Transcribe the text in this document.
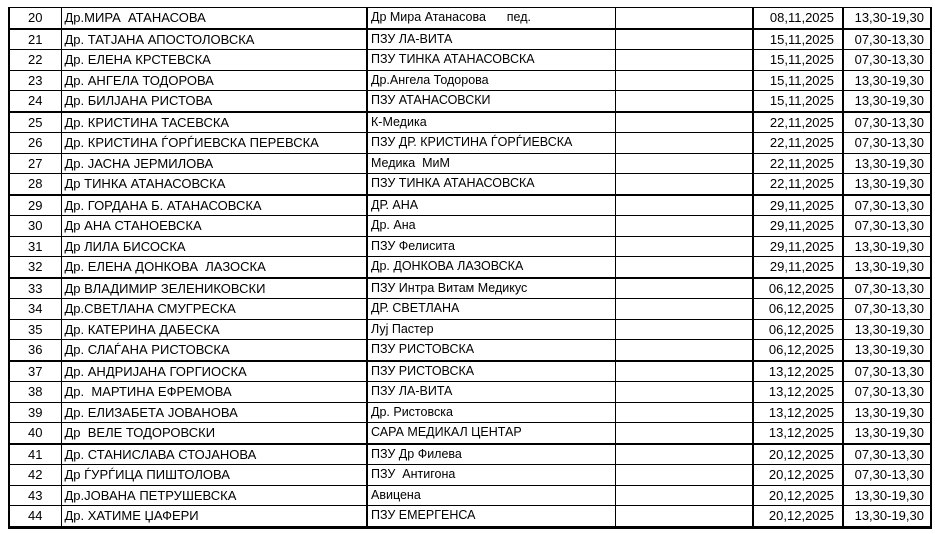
20	Др.МИРА  АТАНАСОВА	Др Мира Атанасова      пед.		08,11,2025	13,30-19,30
21	Др. ТАТЈАНА АПОСТОЛОВСКА	ПЗУ ЛА-ВИТА		15,11,2025	07,30-13,30
22	Др. ЕЛЕНА КРСТЕВСКА	ПЗУ ТИНКА АТАНАСОВСКА		15,11,2025	07,30-13,30
23	Др. АНГЕЛА ТОДОРОВА	Др.Ангела Тодорова		15,11,2025	13,30-19,30
24	Др. БИЛЈАНА РИСТОВА	ПЗУ АТАНАСОВСКИ		15,11,2025	13,30-19,30
25	Др. КРИСТИНА ТАСЕВСКА	К-Медика		22,11,2025	07,30-13,30
26	Др. КРИСТИНА ЃОРЃИЕВСКА ПЕРЕВСКА	ПЗУ ДР. КРИСТИНА ЃОРЃИЕВСКА		22,11,2025	07,30-13,30
27	Др. ЈАСНА ЈЕРМИЛОВА	Медика  МиМ		22,11,2025	13,30-19,30
28	Др ТИНКА АТАНАСОВСКА	ПЗУ ТИНКА АТАНАСОВСКА		22,11,2025	13,30-19,30
29	Др. ГОРДАНА Б. АТАНАСОВСКА	ДР. АНА		29,11,2025	07,30-13,30
30	Др АНА СТАНОЕВСКА	Др. Ана		29,11,2025	07,30-13,30
31	Др ЛИЛА БИСОСКА	ПЗУ Фелисита		29,11,2025	13,30-19,30
32	Др. ЕЛЕНА ДОНКОВА  ЛАЗОСКА	Др. ДОНКОВА ЛАЗОВСКА		29,11,2025	13,30-19,30
33	Др ВЛАДИМИР ЗЕЛЕНИКОВСКИ	ПЗУ Интра Витам Медикус		06,12,2025	07,30-13,30
34	Др.СВЕТЛАНА СМУГРЕСКА	ДР. СВЕТЛАНА		06,12,2025	07,30-13,30
35	Др. КАТЕРИНА ДАБЕСКА	Луј Пастер		06,12,2025	13,30-19,30
36	Др. СЛАЃАНА РИСТОВСКА	ПЗУ РИСТОВСКА		06,12,2025	13,30-19,30
37	Др. АНДРИЈАНА ГОРГИОСКА	ПЗУ РИСТОВСКА		13,12,2025	07,30-13,30
38	Др.  МАРТИНА ЕФРЕМОВА	ПЗУ ЛА-ВИТА		13,12,2025	07,30-13,30
39	Др. ЕЛИЗАБЕТА ЈОВАНОВА	Др. Ристовска		13,12,2025	13,30-19,30
40	Др  ВЕЛЕ ТОДОРОВСКИ	САРА МЕДИКАЛ ЦЕНТАР		13,12,2025	13,30-19,30
41	Др. СТАНИСЛАВА СТОЈАНОВА	ПЗУ Др Филева		20,12,2025	07,30-13,30
42	Др ЃУРЃИЦА ПИШТОЛОВА	ПЗУ  Антигона		20,12,2025	07,30-13,30
43	Др.ЈОВАНА ПЕТРУШЕВСКА	Авицена		20,12,2025	13,30-19,30
44	Др. ХАТИМЕ ЏАФЕРИ	ПЗУ ЕМЕРГЕНСА		20,12,2025	13,30-19,30
